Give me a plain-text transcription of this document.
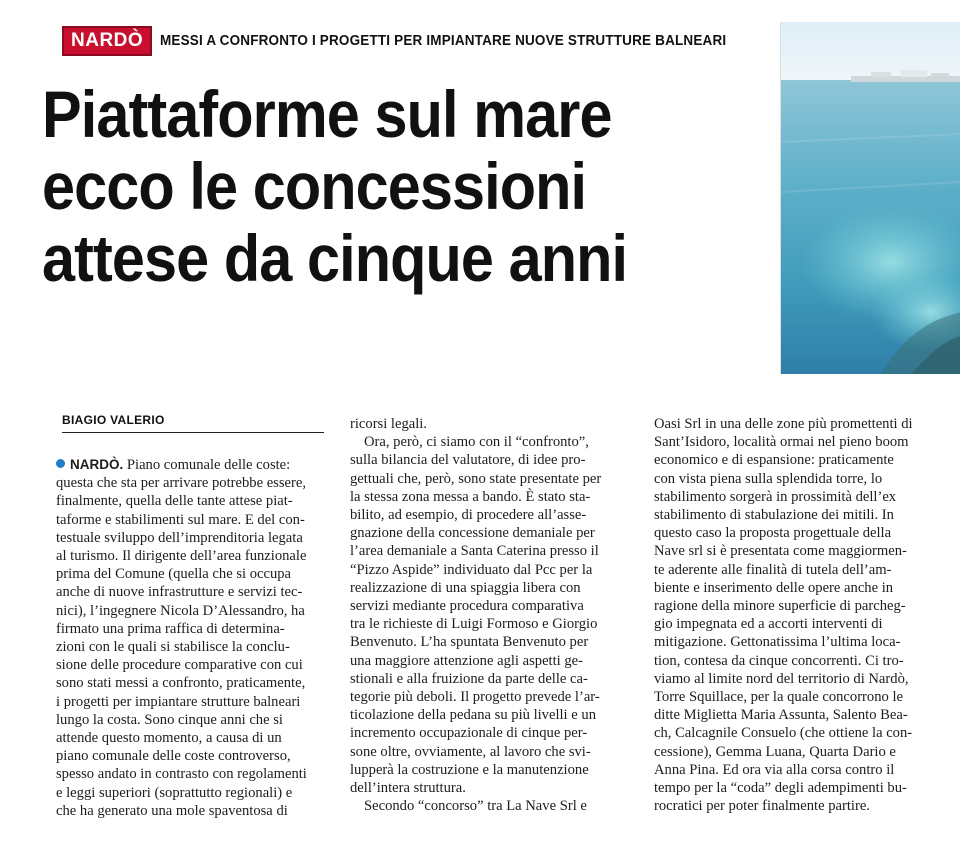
NARDÒ	MESSI A CONFRONTO I PROGETTI PER IMPIANTARE NUOVE STRUTTURE BALNEARI
Piattaforme sul mare
ecco le concessioni
attese da cinque anni
BIAGIO VALERIO
NARDÒ. Piano comunale delle coste:
questa che sta per arrivare potrebbe essere,
finalmente, quella delle tante attese piat-
taforme e stabilimenti sul mare. E del con-
testuale sviluppo dell’imprenditoria legata
al turismo. Il dirigente dell’area funzionale
prima del Comune (quella che si occupa
anche di nuove infrastrutture e servizi tec-
nici), l’ingegnere Nicola D’Alessandro, ha
firmato una prima raffica di determina-
zioni con le quali si stabilisce la conclu-
sione delle procedure comparative con cui
sono stati messi a confronto, praticamente,
i progetti per impiantare strutture balneari
lungo la costa. Sono cinque anni che si
attende questo momento, a causa di un
piano comunale delle coste controverso,
spesso andato in contrasto con regolamenti
e leggi superiori (soprattutto regionali) e
che ha generato una mole spaventosa di
ricorsi legali.
Ora, però, ci siamo con il “confronto”,
sulla bilancia del valutatore, di idee pro-
gettuali che, però, sono state presentate per
la stessa zona messa a bando. È stato sta-
bilito, ad esempio, di procedere all’asse-
gnazione della concessione demaniale per
l’area demaniale a Santa Caterina presso il
“Pizzo Aspide” individuato dal Pcc per la
realizzazione di una spiaggia libera con
servizi mediante procedura comparativa
tra le richieste di Luigi Formoso e Giorgio
Benvenuto. L’ha spuntata Benvenuto per
una maggiore attenzione agli aspetti ge-
stionali e alla fruizione da parte delle ca-
tegorie più deboli. Il progetto prevede l’ar-
ticolazione della pedana su più livelli e un
incremento occupazionale di cinque per-
sone oltre, ovviamente, al lavoro che svi-
lupperà la costruzione e la manutenzione
dell’intera struttura.
Secondo “concorso” tra La Nave Srl e
Oasi Srl in una delle zone più promettenti di
Sant’Isidoro, località ormai nel pieno boom
economico e di espansione: praticamente
con vista piena sulla splendida torre, lo
stabilimento sorgerà in prossimità dell’ex
stabilimento di stabulazione dei mitili. In
questo caso la proposta progettuale della
Nave srl si è presentata come maggiormen-
te aderente alle finalità di tutela dell’am-
biente e inserimento delle opere anche in
ragione della minore superficie di parcheg-
gio impegnata ed a accorti interventi di
mitigazione. Gettonatissima l’ultima loca-
tion, contesa da cinque concorrenti. Ci tro-
viamo al limite nord del territorio di Nardò,
Torre Squillace, per la quale concorrono le
ditte Miglietta Maria Assunta, Salento Bea-
ch, Calcagnile Consuelo (che ottiene la con-
cessione), Gemma Luana, Quarta Dario e
Anna Pina. Ed ora via alla corsa contro il
tempo per la “coda” degli adempimenti bu-
rocratici per poter finalmente partire.
